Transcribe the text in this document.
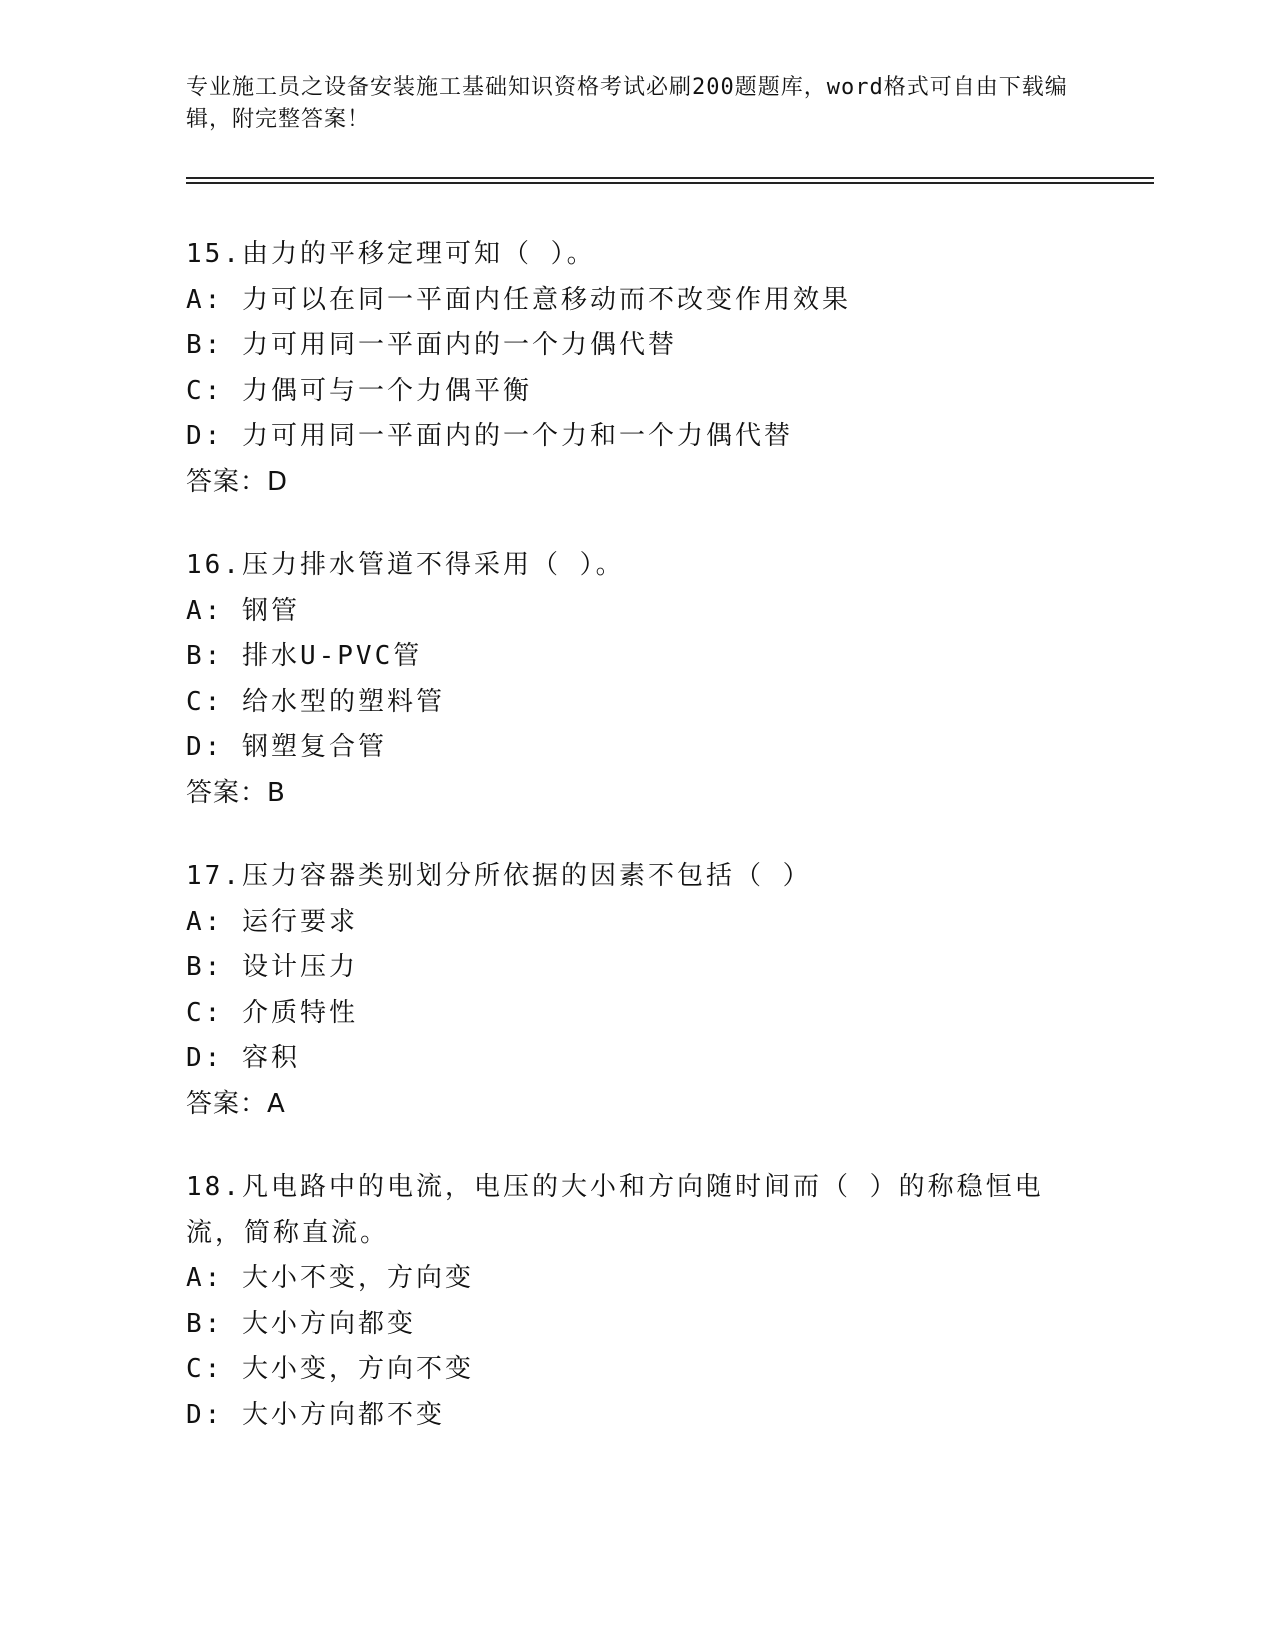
专业施工员之设备安装施工基础知识资格考试必刷200题题库，word格式可自由下载编辑，附完整答案！

15.由力的平移定理可知（ ）。

A: 力可以在同一平面内任意移动而不改变作用效果

B: 力可用同一平面内的一个力偶代替

C: 力偶可与一个力偶平衡

D: 力可用同一平面内的一个力和一个力偶代替

答案：D

16.压力排水管道不得采用（ ）。

A: 钢管

B: 排水U-PVC管

C: 给水型的塑料管

D: 钢塑复合管

答案：B

17.压力容器类别划分所依据的因素不包括（ ）

A: 运行要求

B: 设计压力

C: 介质特性

D: 容积

答案：A

18.凡电路中的电流，电压的大小和方向随时间而（ ）的称稳恒电流，简称直流。

A: 大小不变，方向变

B: 大小方向都变

C: 大小变，方向不变

D: 大小方向都不变
